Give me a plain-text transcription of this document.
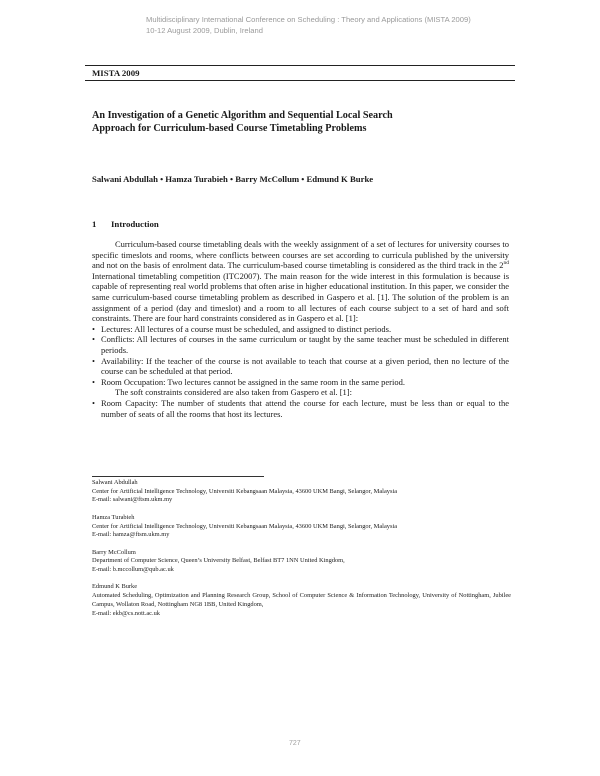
Multidisciplinary International Conference on Scheduling : Theory and Applications (MISTA 2009)
10-12 August 2009, Dublin, Ireland
MISTA 2009
An Investigation of a Genetic Algorithm and Sequential Local Search
Approach for Curriculum-based Course Timetabling Problems
Salwani Abdullah • Hamza Turabieh • Barry McCollum • Edmund K Burke
1 Introduction

Curriculum-based course timetabling deals with the weekly assignment of a set of lectures for university courses to specific timeslots and rooms, where conflicts between courses are set according to curricula published by the university and not on the basis of enrolment data. The curriculum-based course timetabling is considered as the third track in the 2nd International timetabling competition (ITC2007). The main reason for the wide interest in this formulation is because is capable of representing real world problems that often arise in higher educational institution. In this paper, we consider the same curriculum-based course timetabling problem as described in Gaspero et al. [1]. The solution of the problem is an assignment of a period (day and timeslot) and a room to all lectures of each course subject to a set of hard and soft constraints. There are four hard constraints considered as in Gaspero et al. [1]:

• Lectures: All lectures of a course must be scheduled, and assigned to distinct periods.
• Conflicts: All lectures of courses in the same curriculum or taught by the same teacher must be scheduled in different periods.
• Availability: If the teacher of the course is not available to teach that course at a given period, then no lecture of the course can be scheduled at that period.
• Room Occupation: Two lectures cannot be assigned in the same room in the same period.

The soft constraints considered are also taken from Gaspero et al. [1]:

• Room Capacity: The number of students that attend the course for each lecture, must be less than or equal to the number of seats of all the rooms that host its lectures.
Salwani Abdullah
Center for Artificial Intelligence Technology, Universiti Kebangsaan Malaysia, 43600 UKM Bangi, Selangor, Malaysia
E-mail: salwani@ftsm.ukm.my
Hamza Turabieh
Center for Artificial Intelligence Technology, Universiti Kebangsaan Malaysia, 43600 UKM Bangi, Selangor, Malaysia
E-mail: hamza@ftsm.ukm.my
Barry McCollum
Department of Computer Science, Queen’s University Belfast, Belfast BT7 1NN United Kingdom,
E-mail: b.mccollum@qub.ac.uk
Edmund K Burke
Automated Scheduling, Optimization and Planning Research Group, School of Computer Science & Information Technology, University of Nottingham, Jubilee Campus, Wollaton Road, Nottingham NG8 1BB, United Kingdom,
E-mail: ekb@cs.nott.ac.uk
727
